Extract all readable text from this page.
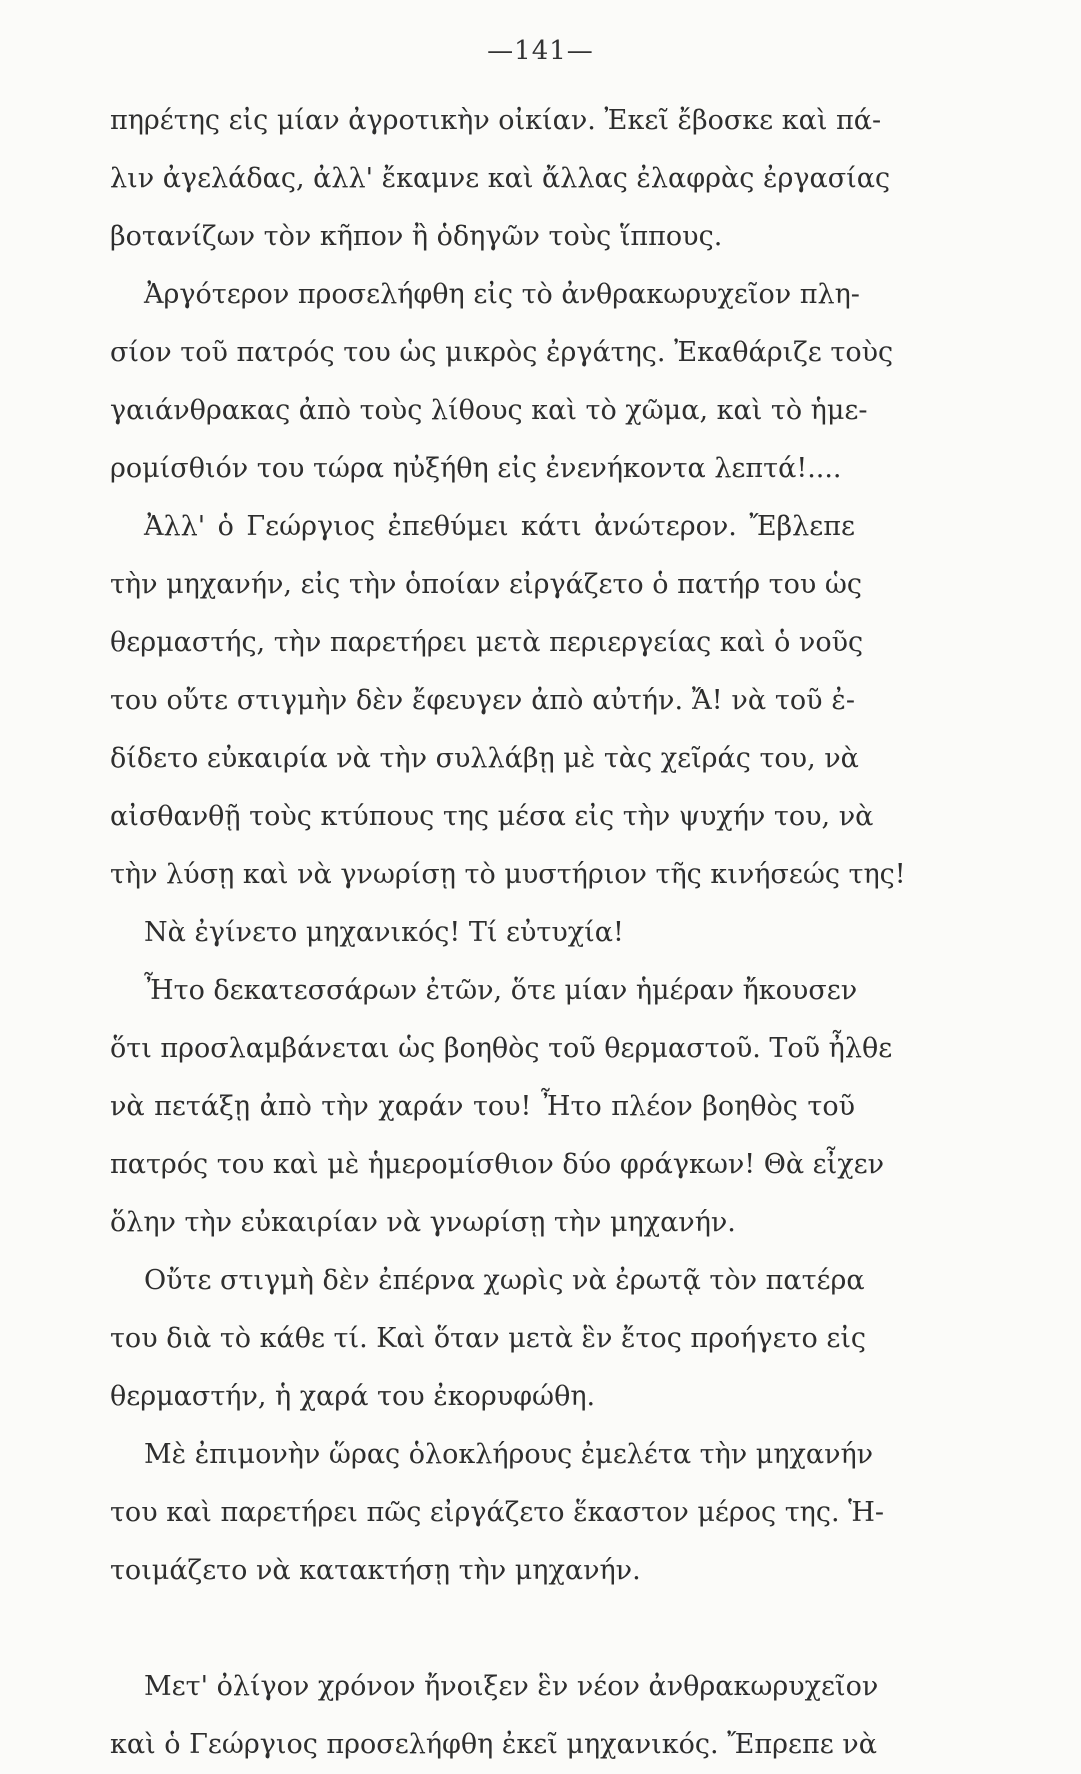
—141—
πηρέτης εἰς μίαν ἀγροτικὴν οἰκίαν. Ἐκεῖ ἔβοσκε καὶ πά-
λιν ἀγελάδας, ἀλλ' ἔκαμνε καὶ ἄλλας ἐλαφρὰς ἐργασίας
βοτανίζων τὸν κῆπον ἢ ὁδηγῶν τοὺς ἵππους.
Ἀργότερον προσελήφθη εἰς τὸ ἀνθρακωρυχεῖον πλη-
σίον τοῦ πατρός του ὡς μικρὸς ἐργάτης. Ἐκαθάριζε τοὺς
γαιάνθρακας ἀπὸ τοὺς λίθους καὶ τὸ χῶμα, καὶ τὸ ἡμε-
ρομίσθιόν του τώρα ηὐξήθη εἰς ἐνενήκοντα λεπτά!....
Ἀλλ' ὁ Γεώργιος ἐπεθύμει κάτι ἀνώτερον. Ἔβλεπε
τὴν μηχανήν, εἰς τὴν ὁποίαν εἰργάζετο ὁ πατήρ του ὡς
θερμαστής, τὴν παρετήρει μετὰ περιεργείας καὶ ὁ νοῦς
του οὔτε στιγμὴν δὲν ἔφευγεν ἀπὸ αὐτήν. Ἄ! νὰ τοῦ ἐ-
δίδετο εὐκαιρία νὰ τὴν συλλάβῃ μὲ τὰς χεῖράς του, νὰ
αἰσθανθῇ τοὺς κτύπους της μέσα εἰς τὴν ψυχήν του, νὰ
τὴν λύσῃ καὶ νὰ γνωρίσῃ τὸ μυστήριον τῆς κινήσεώς της!
Νὰ ἐγίνετο μηχανικός! Τί εὐτυχία!
Ἦτο δεκατεσσάρων ἐτῶν, ὅτε μίαν ἡμέραν ἤκουσεν
ὅτι προσλαμβάνεται ὡς βοηθὸς τοῦ θερμαστοῦ. Τοῦ ἦλθε
νὰ πετάξῃ ἀπὸ τὴν χαράν του! Ἦτο πλέον βοηθὸς τοῦ
πατρός του καὶ μὲ ἡμερομίσθιον δύο φράγκων! Θὰ εἶχεν
ὅλην τὴν εὐκαιρίαν νὰ γνωρίσῃ τὴν μηχανήν.
Οὔτε στιγμὴ δὲν ἐπέρνα χωρὶς νὰ ἐρωτᾷ τὸν πατέρα
του διὰ τὸ κάθε τί. Καὶ ὅταν μετὰ ἓν ἔτος προήγετο εἰς
θερμαστήν, ἡ χαρά του ἐκορυφώθη.
Μὲ ἐπιμονὴν ὥρας ὁλοκλήρους ἐμελέτα τὴν μηχανήν
του καὶ παρετήρει πῶς εἰργάζετο ἕκαστον μέρος της. Ἡ-
τοιμάζετο νὰ κατακτήσῃ τὴν μηχανήν.
Μετ' ὀλίγον χρόνον ἤνοιξεν ἓν νέον ἀνθρακωρυχεῖον
καὶ ὁ Γεώργιος προσελήφθη ἐκεῖ μηχανικός. Ἔπρεπε νὰ
